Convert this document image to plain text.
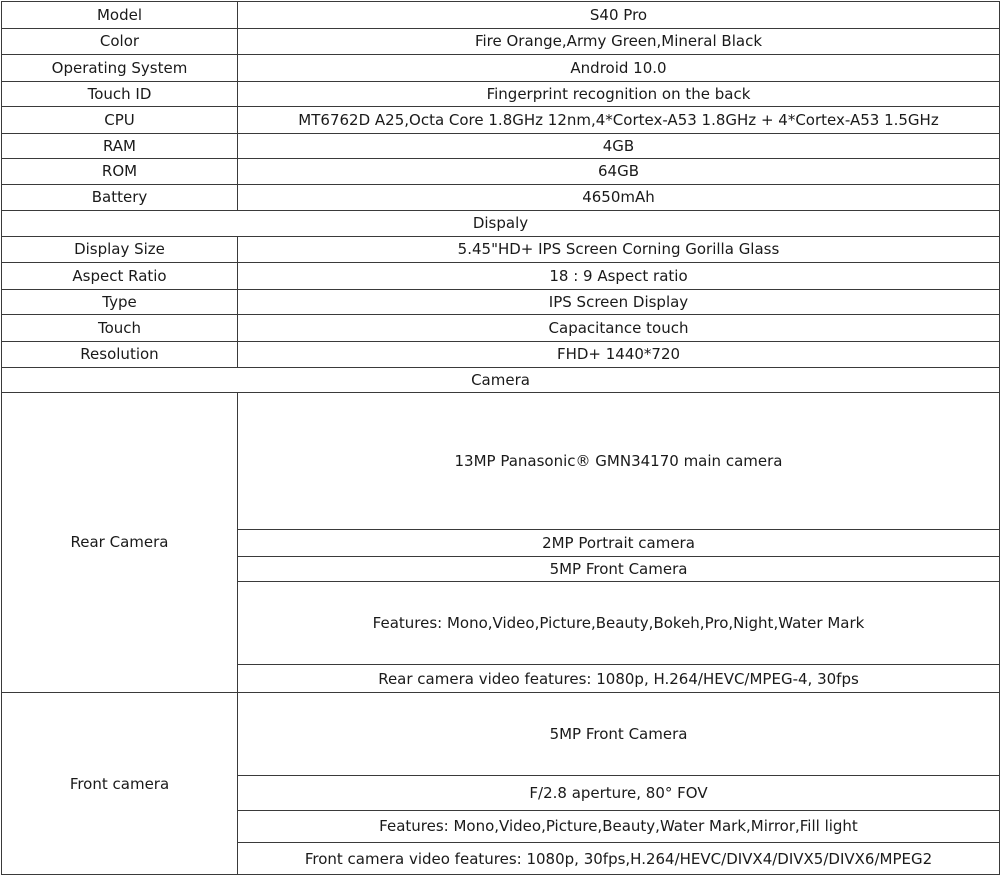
Model	S40 Pro
Color	Fire Orange,Army Green,Mineral Black
Operating System	Android 10.0
Touch ID	Fingerprint recognition on the back
CPU	MT6762D A25,Octa Core 1.8GHz 12nm,4*Cortex-A53 1.8GHz + 4*Cortex-A53 1.5GHz
RAM	4GB
ROM	64GB
Battery	4650mAh
Dispaly	
Display Size	5.45"HD+ IPS Screen Corning Gorilla Glass
Aspect Ratio	18 : 9 Aspect ratio
Type	IPS Screen Display
Touch	Capacitance touch
Resolution	FHD+ 1440*720
Camera	
Rear Camera	13MP Panasonic® GMN34170 main camera
	2MP Portrait camera
	5MP Front Camera
	Features: Mono,Video,Picture,Beauty,Bokeh,Pro,Night,Water Mark
	Rear camera video features: 1080p, H.264/HEVC/MPEG-4, 30fps
Front camera	5MP Front Camera
	F/2.8 aperture, 80° FOV
	Features: Mono,Video,Picture,Beauty,Water Mark,Mirror,Fill light
	Front camera video features: 1080p, 30fps,H.264/HEVC/DIVX4/DIVX5/DIVX6/MPEG2
